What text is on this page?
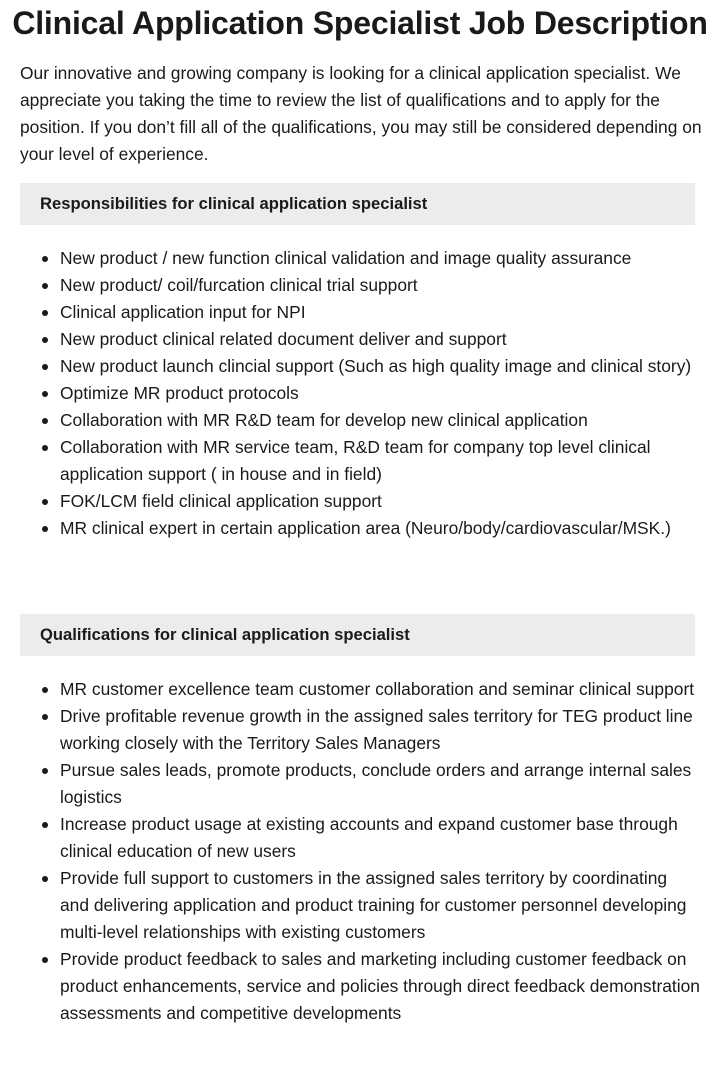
Clinical Application Specialist Job Description

Our innovative and growing company is looking for a clinical application specialist. We appreciate you taking the time to review the list of qualifications and to apply for the position. If you don’t fill all of the qualifications, you may still be considered depending on your level of experience.

Responsibilities for clinical application specialist
New product / new function clinical validation and image quality assurance
New product/ coil/furcation clinical trial support
Clinical application input for NPI
New product clinical related document deliver and support
New product launch clincial support (Such as high quality image and clinical story)
Optimize MR product protocols
Collaboration with MR R&D team for develop new clinical application
Collaboration with MR service team, R&D team for company top level clinical application support ( in house and in field)
FOK/LCM field clinical application support
MR clinical expert in certain application area (Neuro/body/cardiovascular/MSK.)
Qualifications for clinical application specialist
MR customer excellence team customer collaboration and seminar clinical support
Drive profitable revenue growth in the assigned sales territory for TEG product line working closely with the Territory Sales Managers
Pursue sales leads, promote products, conclude orders and arrange internal sales logistics
Increase product usage at existing accounts and expand customer base through clinical education of new users
Provide full support to customers in the assigned sales territory by coordinating and delivering application and product training for customer personnel developing multi-level relationships with existing customers
Provide product feedback to sales and marketing including customer feedback on product enhancements, service and policies through direct feedback demonstration assessments and competitive developments
